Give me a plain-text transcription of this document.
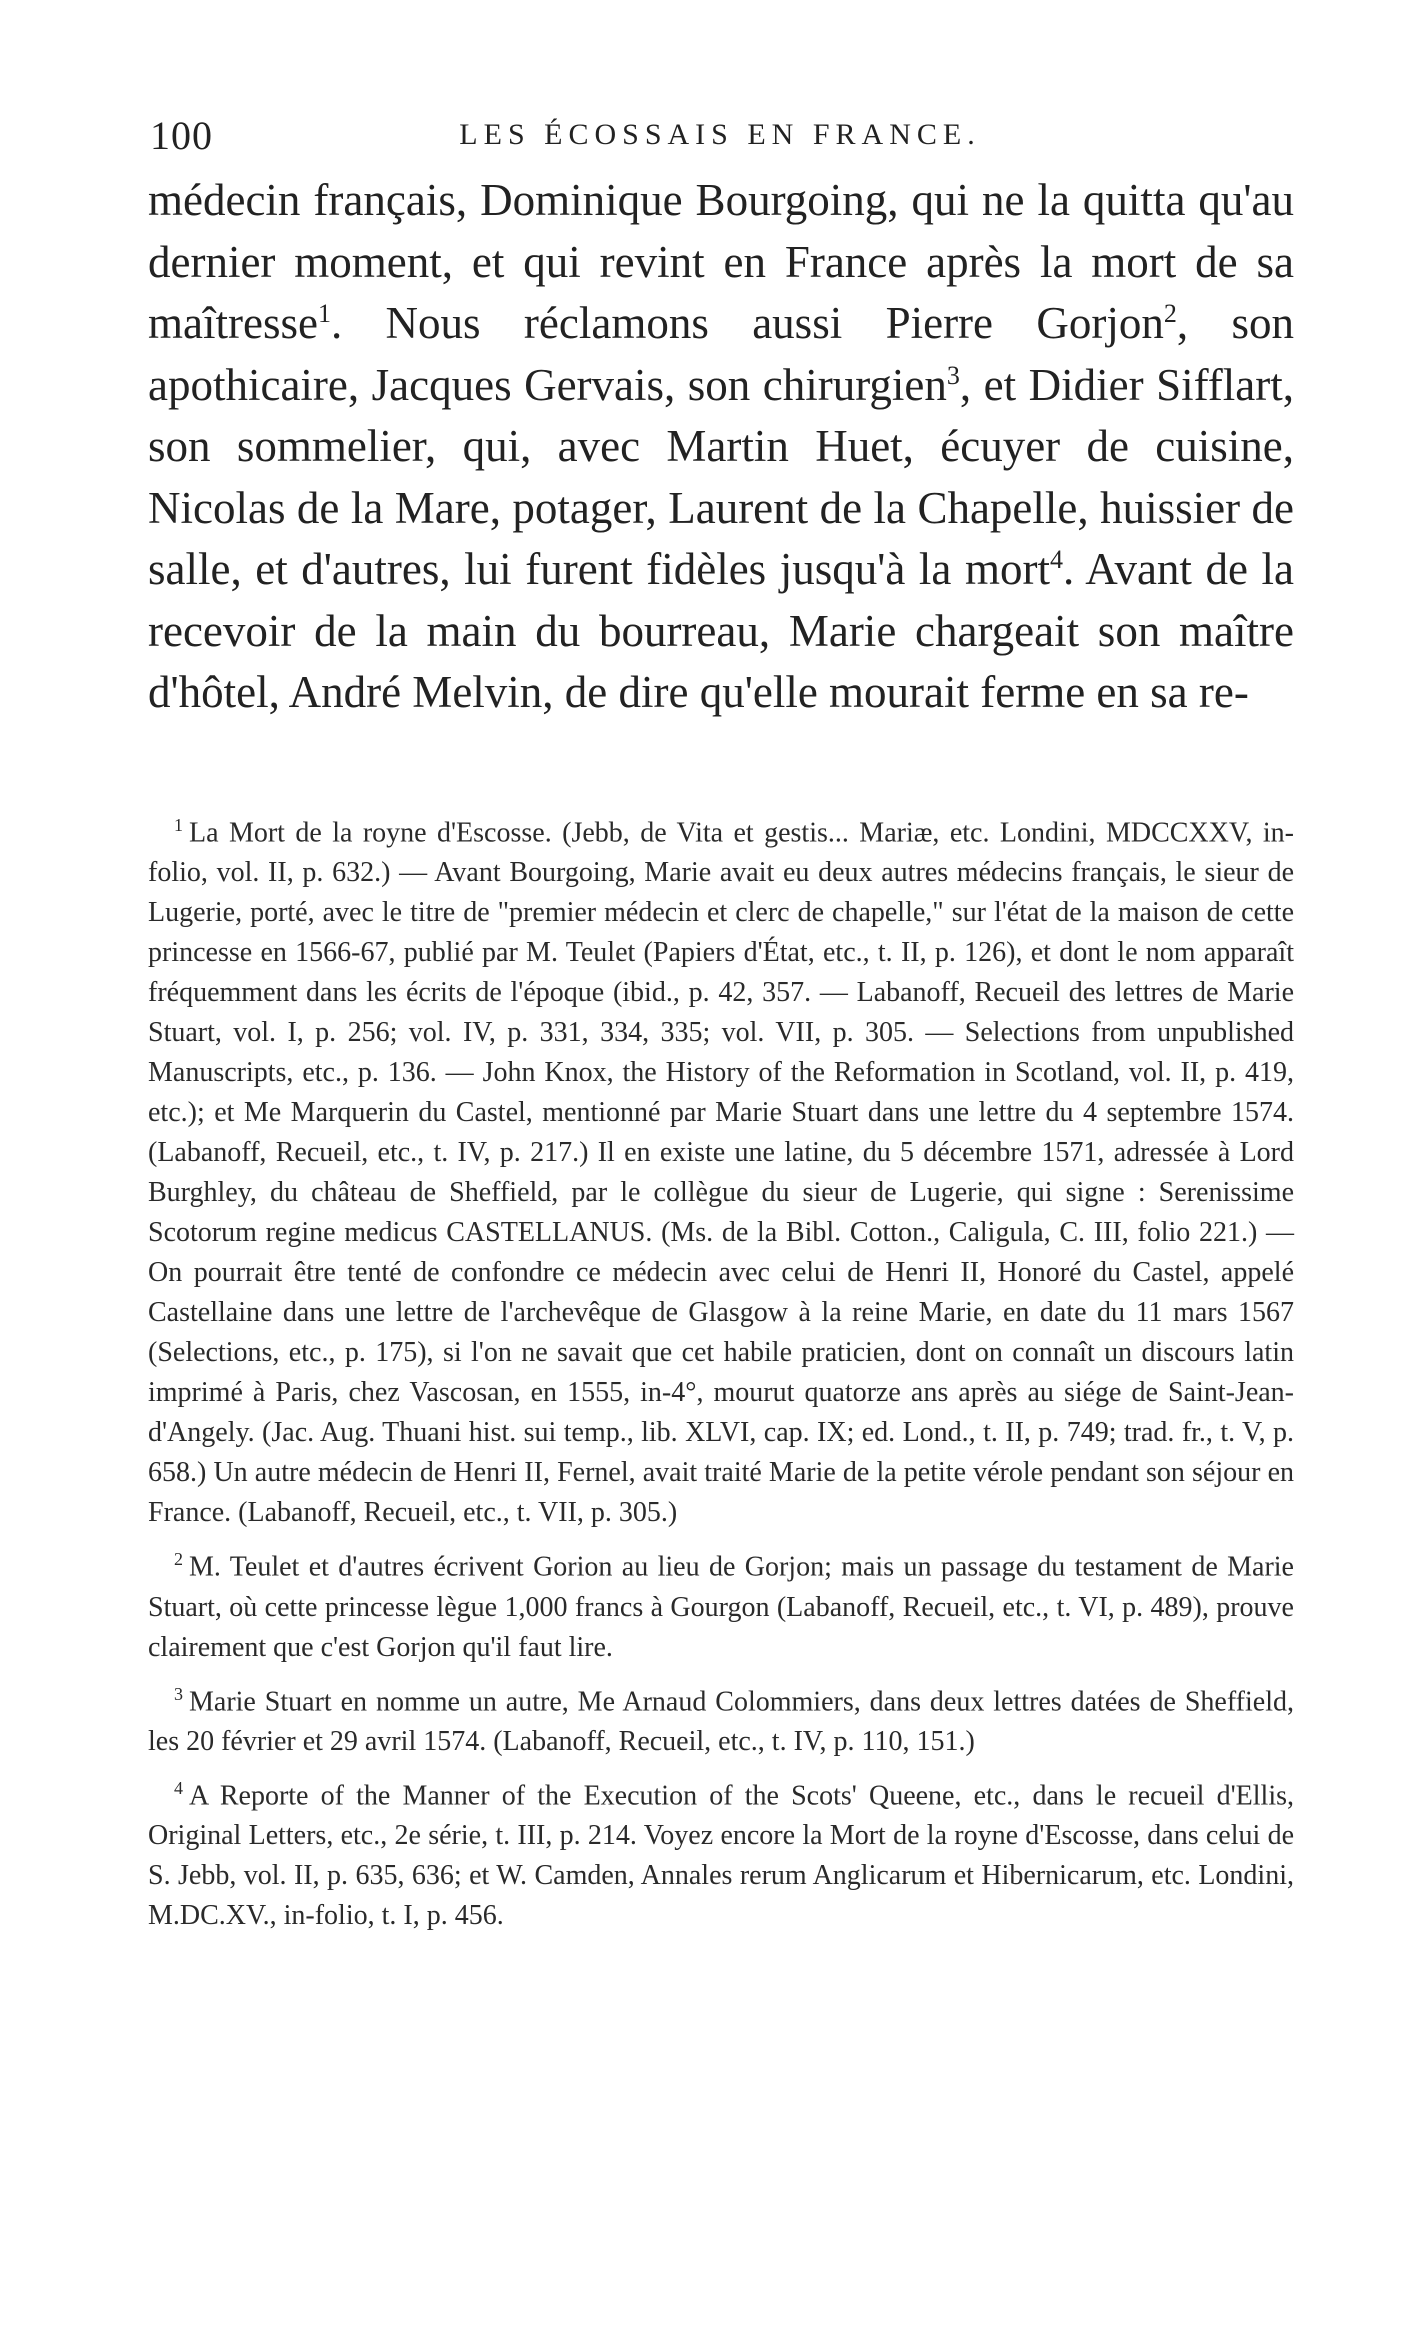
100	LES ÉCOSSAIS EN FRANCE.

médecin français, Dominique Bourgoing, qui ne la quitta qu'au dernier moment, et qui revint en France après la mort de sa maîtresse$^1$. Nous réclamons aussi Pierre Gorjon$^2$, son apothicaire, Jacques Gervais, son chirurgien$^3$, et Didier Sifflart, son sommelier, qui, avec Martin Huet, écuyer de cuisine, Nicolas de la Mare, potager, Laurent de la Chapelle, huissier de salle, et d'autres, lui furent fidèles jusqu'à la mort$^4$. Avant de la recevoir de la main du bourreau, Marie chargeait son maître d'hôtel, André Melvin, de dire qu'elle mourait ferme en sa re-

$^1$ La Mort de la royne d'Escosse. (Jebb, de Vita et gestis... Mariæ, etc. Londini, MDCCXXV, in-folio, vol. II, p. 632.) — Avant Bourgoing, Marie avait eu deux autres médecins français, le sieur de Lugerie, porté, avec le titre de "premier médecin et clerc de chapelle," sur l'état de la maison de cette princesse en 1566-67, publié par M. Teulet (Papiers d'État, etc., t. II, p. 126), et dont le nom apparaît fréquemment dans les écrits de l'époque (ibid., p. 42, 357. — Labanoff, Recueil des lettres de Marie Stuart, vol. I, p. 256; vol. IV, p. 331, 334, 335; vol. VII, p. 305. — Selections from unpublished Manuscripts, etc., p. 136. — John Knox, the History of the Reformation in Scotland, vol. II, p. 419, etc.); et Me Marquerin du Castel, mentionné par Marie Stuart dans une lettre du 4 septembre 1574. (Labanoff, Recueil, etc., t. IV, p. 217.) Il en existe une latine, du 5 décembre 1571, adressée à Lord Burghley, du château de Sheffield, par le collègue du sieur de Lugerie, qui signe : Serenissime Scotorum regine medicus CASTELLANUS. (Ms. de la Bibl. Cotton., Caligula, C. III, folio 221.) — On pourrait être tenté de confondre ce médecin avec celui de Henri II, Honoré du Castel, appelé Castellaine dans une lettre de l'archevêque de Glasgow à la reine Marie, en date du 11 mars 1567 (Selections, etc., p. 175), si l'on ne savait que cet habile praticien, dont on connaît un discours latin imprimé à Paris, chez Vascosan, en 1555, in-4°, mourut quatorze ans après au siége de Saint-Jean-d'Angely. (Jac. Aug. Thuani hist. sui temp., lib. XLVI, cap. IX; ed. Lond., t. II, p. 749; trad. fr., t. V, p. 658.) Un autre médecin de Henri II, Fernel, avait traité Marie de la petite vérole pendant son séjour en France. (Labanoff, Recueil, etc., t. VII, p. 305.)

$^2$ M. Teulet et d'autres écrivent Gorion au lieu de Gorjon; mais un passage du testament de Marie Stuart, où cette princesse lègue 1,000 francs à Gourgon (Labanoff, Recueil, etc., t. VI, p. 489), prouve clairement que c'est Gorjon qu'il faut lire.

$^3$ Marie Stuart en nomme un autre, Me Arnaud Colommiers, dans deux lettres datées de Sheffield, les 20 février et 29 avril 1574. (Labanoff, Recueil, etc., t. IV, p. 110, 151.)

$^4$ A Reporte of the Manner of the Execution of the Scots' Queene, etc., dans le recueil d'Ellis, Original Letters, etc., 2e série, t. III, p. 214. Voyez encore la Mort de la royne d'Escosse, dans celui de S. Jebb, vol. II, p. 635, 636; et W. Camden, Annales rerum Anglicarum et Hibernicarum, etc. Londini, M.DC.XV., in-folio, t. I, p. 456.
